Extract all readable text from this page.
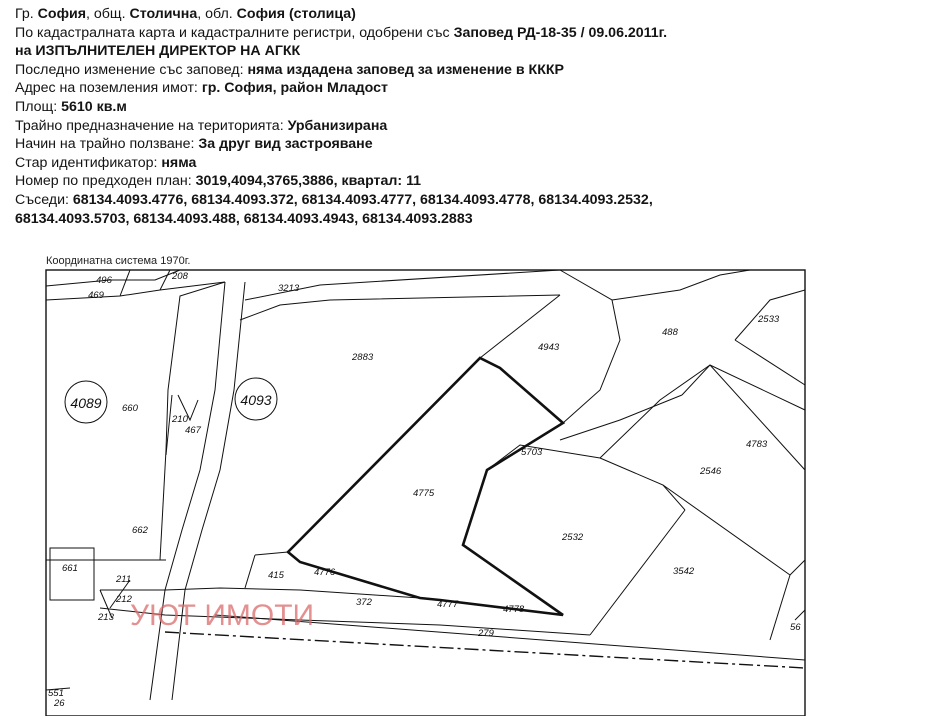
Гр. София, общ. Столична, обл. София (столица)
По кадастралната карта и кадастралните регистри, одобрени със Заповед РД-18-35 / 09.06.2011г.
на ИЗПЪЛНИТЕЛЕН ДИРЕКТОР НА АГКК
Последно изменение със заповед: няма издадена заповед за изменение в КККР
Адрес на поземления имот: гр. София, район Младост
Площ: 5610 кв.м
Трайно предназначение на територията: Урбанизирана
Начин на трайно ползване: За друг вид застрояване
Стар идентификатор: няма
Номер по предходен план: 3019,4094,3765,3886, квартал: 11
Съседи: 68134.4093.4776, 68134.4093.372, 68134.4093.4777, 68134.4093.4778, 68134.4093.2532,
68134.4093.5703, 68134.4093.488, 68134.4093.4943, 68134.4093.2883
Координатна система 1970г.
4089	4093
496	208
469
3213
4943
488
2533
2883
660
210
467
4783
5703
2546
4775
2532
662
661
211	415	4776	3542
212	372	4777	4778
213
279
56
551
26
УЮТ ИМОТИ
